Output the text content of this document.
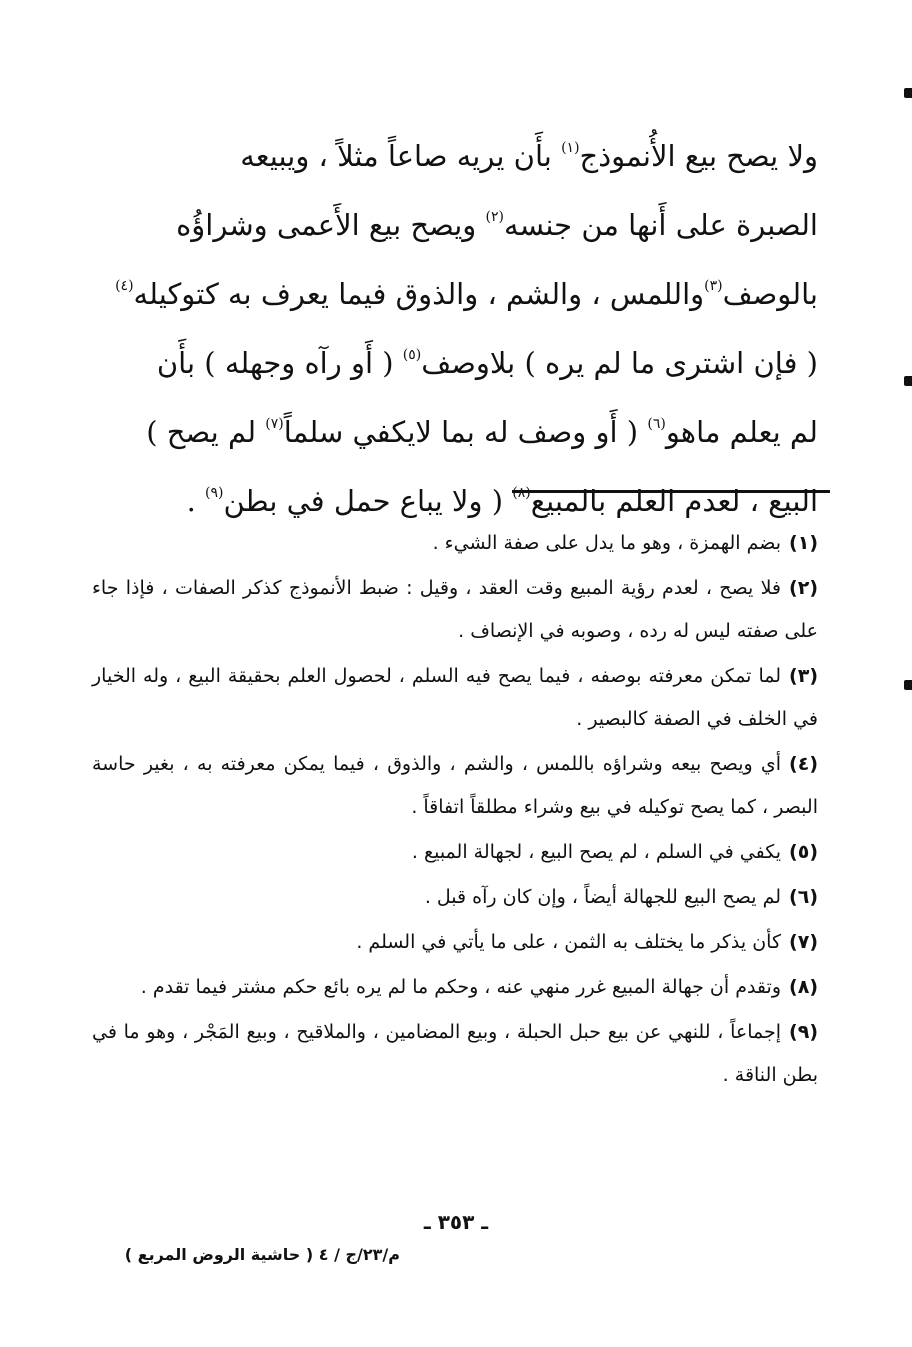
ولا يصح بيع الأُنموذج$^{(١)}$ بأَن يريه صاعاً مثلاً ، ويبيعه
الصبرة على أَنها من جنسه$^{(٢)}$ ويصح بيع الأَعمى وشراؤُه
بالوصف$^{(٣)}$واللمس ، والشم ، والذوق فيما يعرف به كتوكيله$^{(٤)}$
( فإن اشترى ما لم يره ) بلاوصف$^{(٥)}$ ( أَو رآه وجهله ) بأَن
لم يعلم ماهو$^{(٦)}$ ( أَو وصف له بما لايكفي سلماً$^{(٧)}$ لم يصح )
البيع ، لعدم العلم بالمبيع$^{(٨)}$ ( ولا يباع حمل في بطن$^{(٩)}$ .

(١)بضم الهمزة ، وهو ما يدل على صفة الشيء .

(٢)فلا يصح ، لعدم رؤية المبيع وقت العقد ، وقيل : ضبط الأنموذج كذكر الصفات ، فإذا جاء على صفته ليس له رده ، وصوبه في الإنصاف .

(٣)لما تمكن معرفته بوصفه ، فيما يصح فيه السلم ، لحصول العلم بحقيقة البيع ، وله الخيار في الخلف في الصفة كالبصير .

(٤)أي ويصح بيعه وشراؤه باللمس ، والشم ، والذوق ، فيما يمكن معرفته به ، بغير حاسة البصر ، كما يصح توكيله في بيع وشراء مطلقاً اتفاقاً .

(٥)يكفي في السلم ، لم يصح البيع ، لجهالة المبيع .

(٦)لم يصح البيع للجهالة أيضاً ، وإن كان رآه قبل .

(٧)كأن يذكر ما يختلف به الثمن ، على ما يأتي في السلم .

(٨)وتقدم أن جهالة المبيع غرر منهي عنه ، وحكم ما لم يره بائع حكم مشتر فيما تقدم .

(٩)إجماعاً ، للنهي عن بيع حبل الحبلة ، وبيع المضامين ، والملاقيح ، وبيع المَجْر ، وهو ما في بطن الناقة .

ـ ٣٥٣ ـ
م/٢٣/ج / ٤ ( حاشية الروض المربع )
